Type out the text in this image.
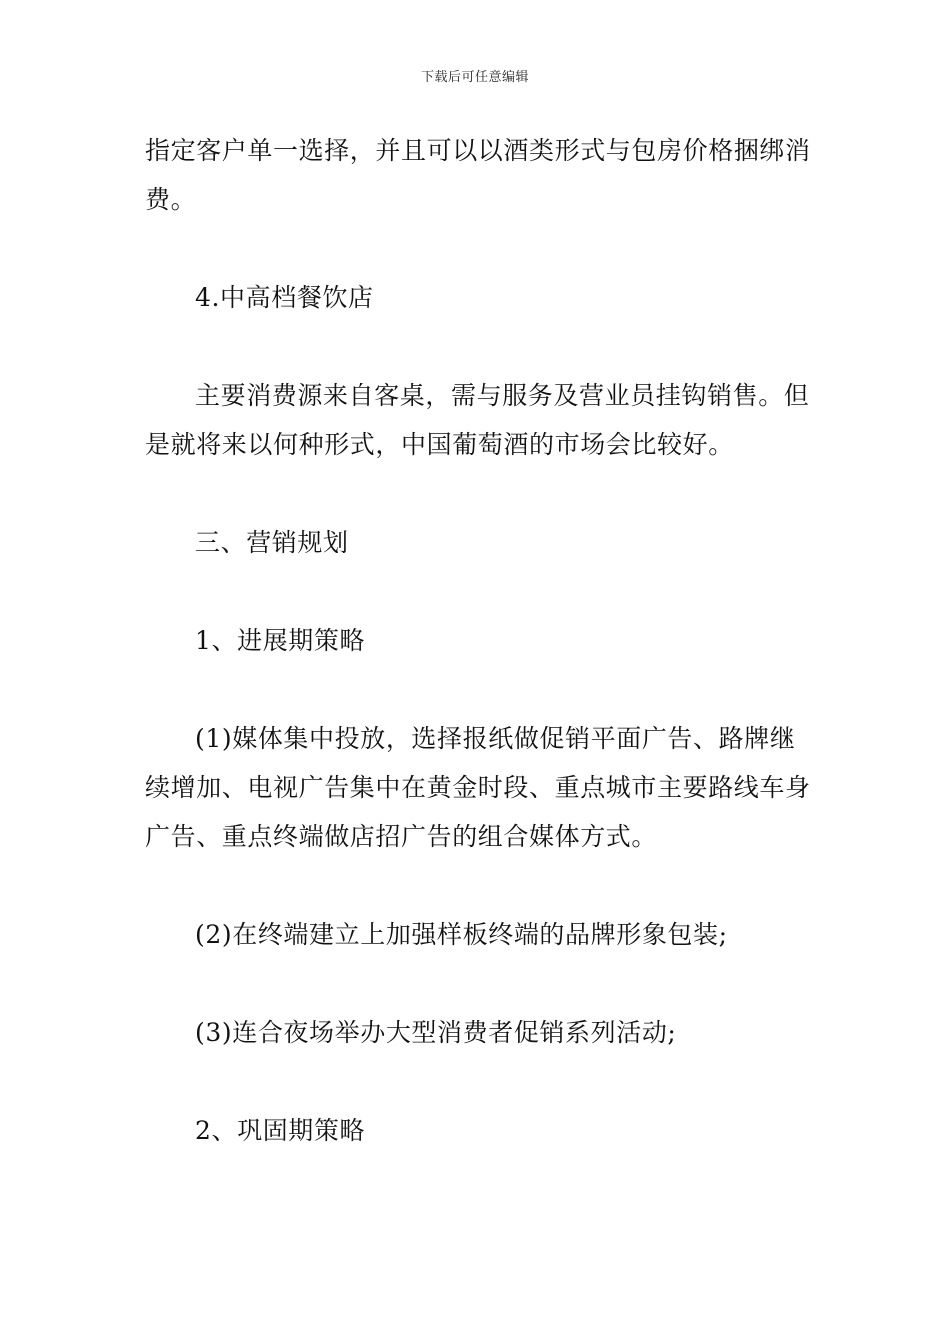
下载后可任意编辑

指定客户单一选择，并且可以以酒类形式与包房价格捆绑消费。

4.中高档餐饮店

主要消费源来自客桌，需与服务及营业员挂钩销售。但是就将来以何种形式，中国葡萄酒的市场会比较好。

三、营销规划

1、进展期策略

(1)媒体集中投放，选择报纸做促销平面广告、路牌继续增加、电视广告集中在黄金时段、重点城市主要路线车身广告、重点终端做店招广告的组合媒体方式。

(2)在终端建立上加强样板终端的品牌形象包装;

(3)连合夜场举办大型消费者促销系列活动;

2、巩固期策略
